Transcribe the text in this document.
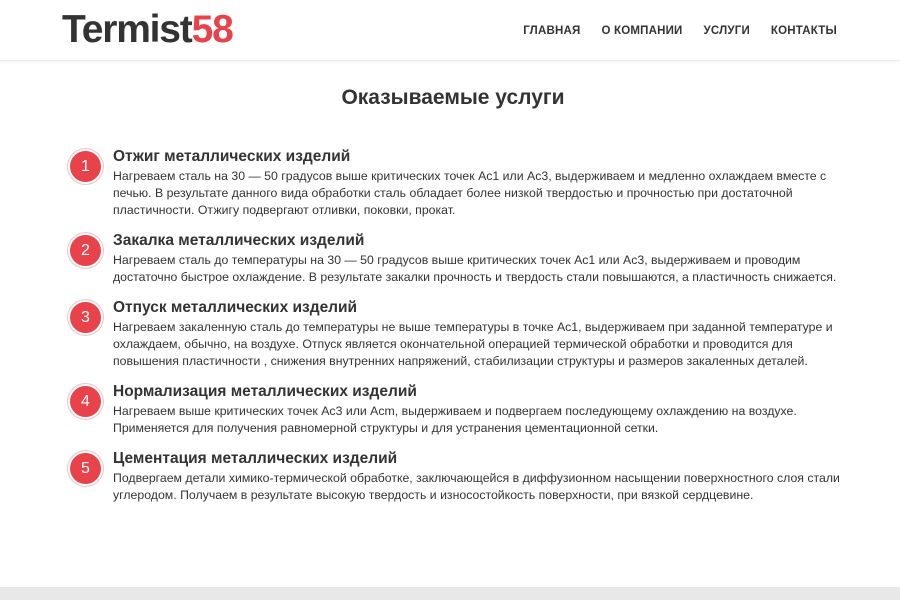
Termist58	ГЛАВНАЯ О КОМПАНИИ УСЛУГИ КОНТАКТЫ
Оказываемые услуги
1
Отжиг металлических изделий

Нагреваем сталь на 30 — 50 градусов выше критических точек Ас1 или Ас3, выдерживаем и медленно охлаждаем вместе с печью. В результате данного вида обработки сталь обладает более низкой твердостью и прочностью при достаточной пластичности. Отжигу подвергают отливки, поковки, прокат.

2
Закалка металлических изделий

Нагреваем сталь до температуры на 30 — 50 градусов выше критических точек Ас1 или Ас3, выдерживаем и проводим достаточно быстрое охлаждение. В результате закалки прочность и твердость стали повышаются, а пластичность снижается.

3
Отпуск металлических изделий

Нагреваем закаленную сталь до температуры не выше температуры в точке Ас1, выдерживаем при заданной температуре и охлаждаем, обычно, на воздухе. Отпуск является окончательной операцией термической обработки и проводится для повышения пластичности , снижения внутренних напряжений, стабилизации структуры и размеров закаленных деталей.

4
Нормализация металлических изделий

Нагреваем выше критических точек Ас3 или Асm, выдерживаем и подвергаем последующему охлаждению на воздухе. Применяется для получения равномерной структуры и для устранения цементационной сетки.

5
Цементация металлических изделий

Подвергаем детали химико-термической обработке, заключающейся в диффузионном насыщении поверхностного слоя стали углеродом. Получаем в результате высокую твердость и износостойкость поверхности, при вязкой сердцевине.
